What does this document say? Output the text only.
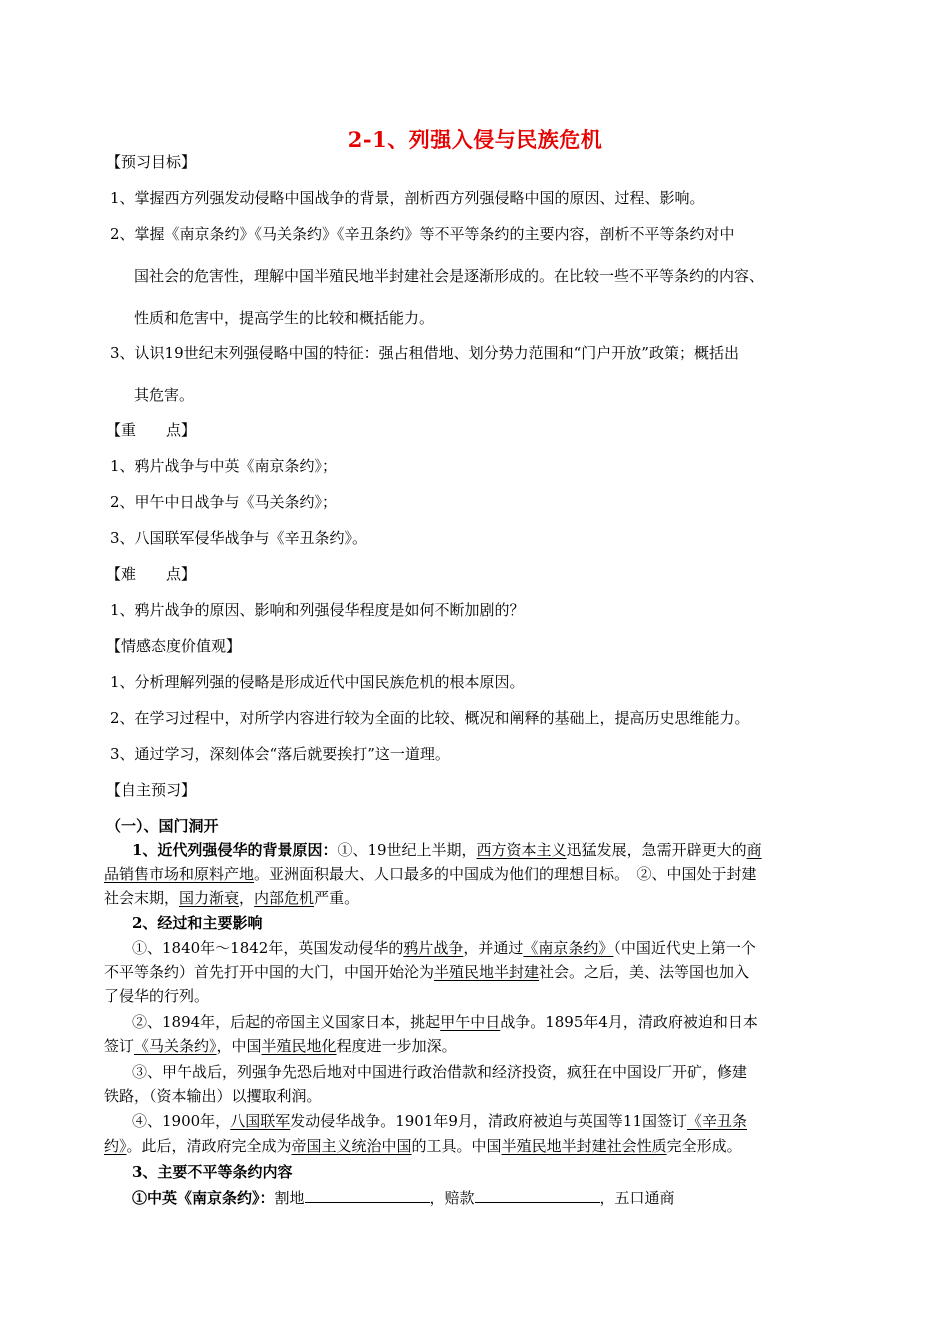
2-1、列强入侵与民族危机
【预习目标】
1、掌握西方列强发动侵略中国战争的背景，剖析西方列强侵略中国的原因、过程、影响。
2、掌握《南京条约》《马关条约》《辛丑条约》等不平等条约的主要内容，剖析不平等条约对中
国社会的危害性，理解中国半殖民地半封建社会是逐渐形成的。在比较一些不平等条约的内容、
性质和危害中，提高学生的比较和概括能力。
3、认识19世纪末列强侵略中国的特征：强占租借地、划分势力范围和“门户开放”政策；概括出
其危害。
【重　　点】
1、鸦片战争与中英《南京条约》；
2、甲午中日战争与《马关条约》；
3、八国联军侵华战争与《辛丑条约》。
【难　　点】
1、鸦片战争的原因、影响和列强侵华程度是如何不断加剧的？
【情感态度价值观】
1、分析理解列强的侵略是形成近代中国民族危机的根本原因。
2、在学习过程中，对所学内容进行较为全面的比较、概况和阐释的基础上，提高历史思维能力。
3、通过学习，深刻体会“落后就要挨打”这一道理。
【自主预习】
（一）、国门洞开
1、近代列强侵华的背景原因：①、19世纪上半期，西方资本主义迅猛发展，急需开辟更大的商
品销售市场和原料产地。亚洲面积最大、人口最多的中国成为他们的理想目标。　②、中国处于封建
社会末期，国力渐衰，内部危机严重。
2、经过和主要影响
①、1840年～1842年，英国发动侵华的鸦片战争，并通过《南京条约》（中国近代史上第一个
不平等条约）首先打开中国的大门，中国开始沦为半殖民地半封建社会。之后，美、法等国也加入
了侵华的行列。
②、1894年，后起的帝国主义国家日本，挑起甲午中日战争。1895年4月，清政府被迫和日本
签订《马关条约》，中国半殖民地化程度进一步加深。
③、甲午战后，列强争先恐后地对中国进行政治借款和经济投资，疯狂在中国设厂开矿，修建
铁路，（资本输出）以攫取利润。
④、1900年，八国联军发动侵华战争。1901年9月，清政府被迫与英国等11国签订《辛丑条
约》。此后，清政府完全成为帝国主义统治中国的工具。中国半殖民地半封建社会性质完全形成。
3、主要不平等条约内容
①中英《南京条约》：割地	，赔款	，五口通商
